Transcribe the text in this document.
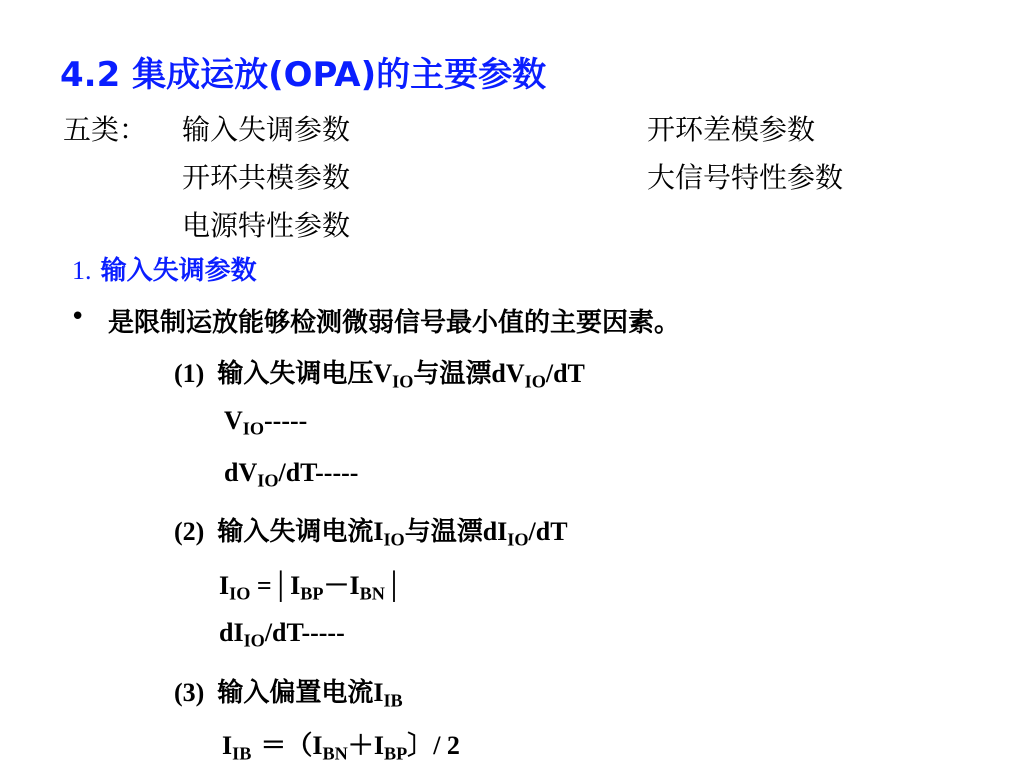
4.2 集成运放(OPA)的主要参数
五类： 输入失调参数	开环差模参数
开环共模参数	大信号特性参数
电源特性参数
1. 输入失调参数
• 是限制运放能够检测微弱信号最小值的主要因素。
(1) 输入失调电压$V_{IO}$与温漂$dV_{IO}/dT$
$V_{IO}-----$
$dV_{IO}/dT-----$
(2) 输入失调电流$I_{IO}$与温漂$dI_{IO}/dT$
$I_{IO}$ $=│I_{BP}-I_{BN}│$
$dI_{IO}/dT-----$
(3) 输入偏置电流$I_{IB}$
$I_{IB} =(I_{BN}+I_{BP}$〕/ 2
